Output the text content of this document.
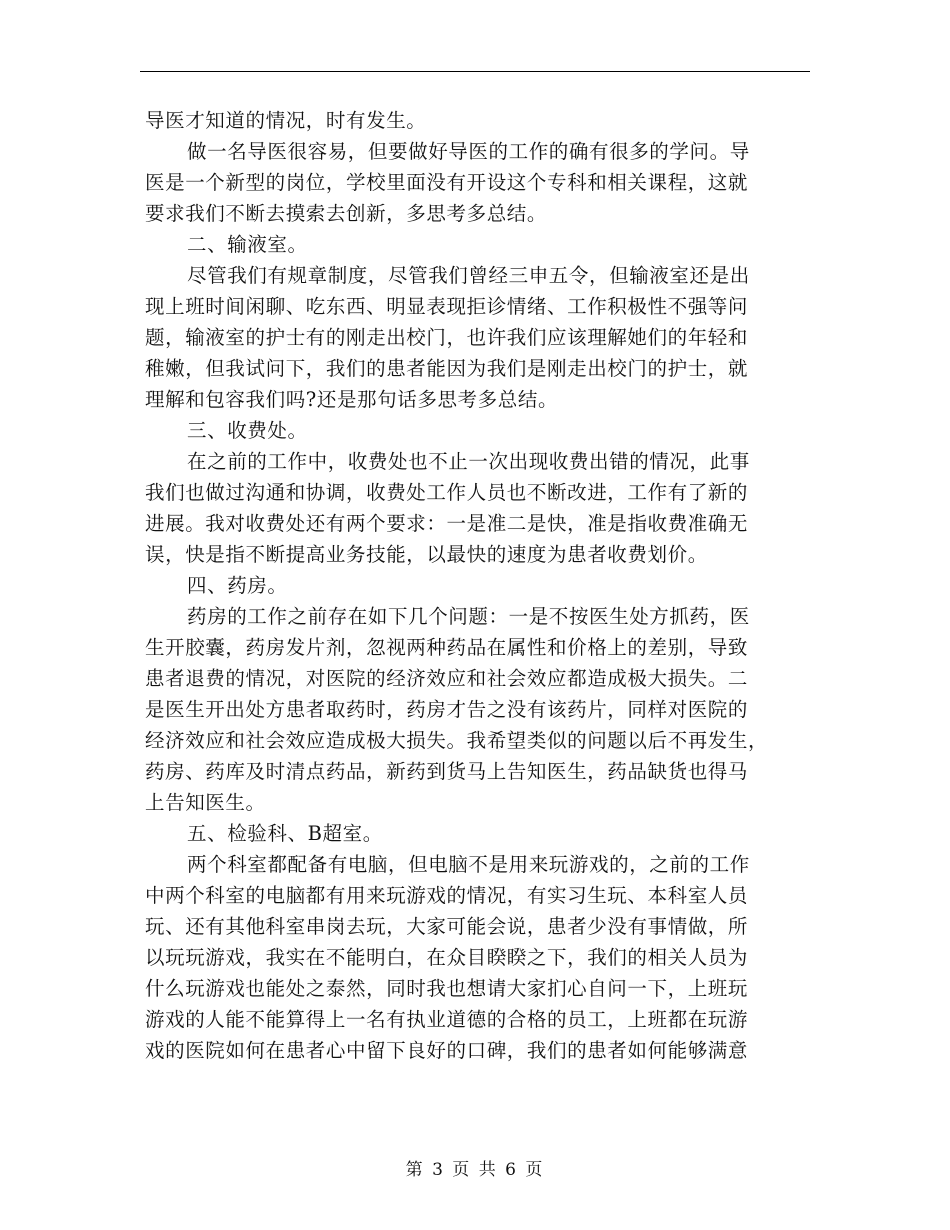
导医才知道的情况，时有发生。
做一名导医很容易，但要做好导医的工作的确有很多的学问。导
医是一个新型的岗位，学校里面没有开设这个专科和相关课程，这就
要求我们不断去摸索去创新，多思考多总结。
二、输液室。
尽管我们有规章制度，尽管我们曾经三申五令，但输液室还是出
现上班时间闲聊、吃东西、明显表现拒诊情绪、工作积极性不强等问
题，输液室的护士有的刚走出校门，也许我们应该理解她们的年轻和
稚嫩，但我试问下，我们的患者能因为我们是刚走出校门的护士，就
理解和包容我们吗?还是那句话多思考多总结。
三、收费处。
在之前的工作中，收费处也不止一次出现收费出错的情况，此事
我们也做过沟通和协调，收费处工作人员也不断改进，工作有了新的
进展。我对收费处还有两个要求：一是准二是快，准是指收费准确无
误，快是指不断提高业务技能，以最快的速度为患者收费划价。
四、药房。
药房的工作之前存在如下几个问题：一是不按医生处方抓药，医
生开胶囊，药房发片剂，忽视两种药品在属性和价格上的差别，导致
患者退费的情况，对医院的经济效应和社会效应都造成极大损失。二
是医生开出处方患者取药时，药房才告之没有该药片，同样对医院的
经济效应和社会效应造成极大损失。我希望类似的问题以后不再发生，
药房、药库及时清点药品，新药到货马上告知医生，药品缺货也得马
上告知医生。
五、检验科、B超室。
两个科室都配备有电脑，但电脑不是用来玩游戏的，之前的工作
中两个科室的电脑都有用来玩游戏的情况，有实习生玩、本科室人员
玩、还有其他科室串岗去玩，大家可能会说，患者少没有事情做，所
以玩玩游戏，我实在不能明白，在众目睽睽之下，我们的相关人员为
什么玩游戏也能处之泰然，同时我也想请大家扪心自问一下，上班玩
游戏的人能不能算得上一名有执业道德的合格的员工，上班都在玩游
戏的医院如何在患者心中留下良好的口碑，我们的患者如何能够满意
第 3 页 共 6 页
